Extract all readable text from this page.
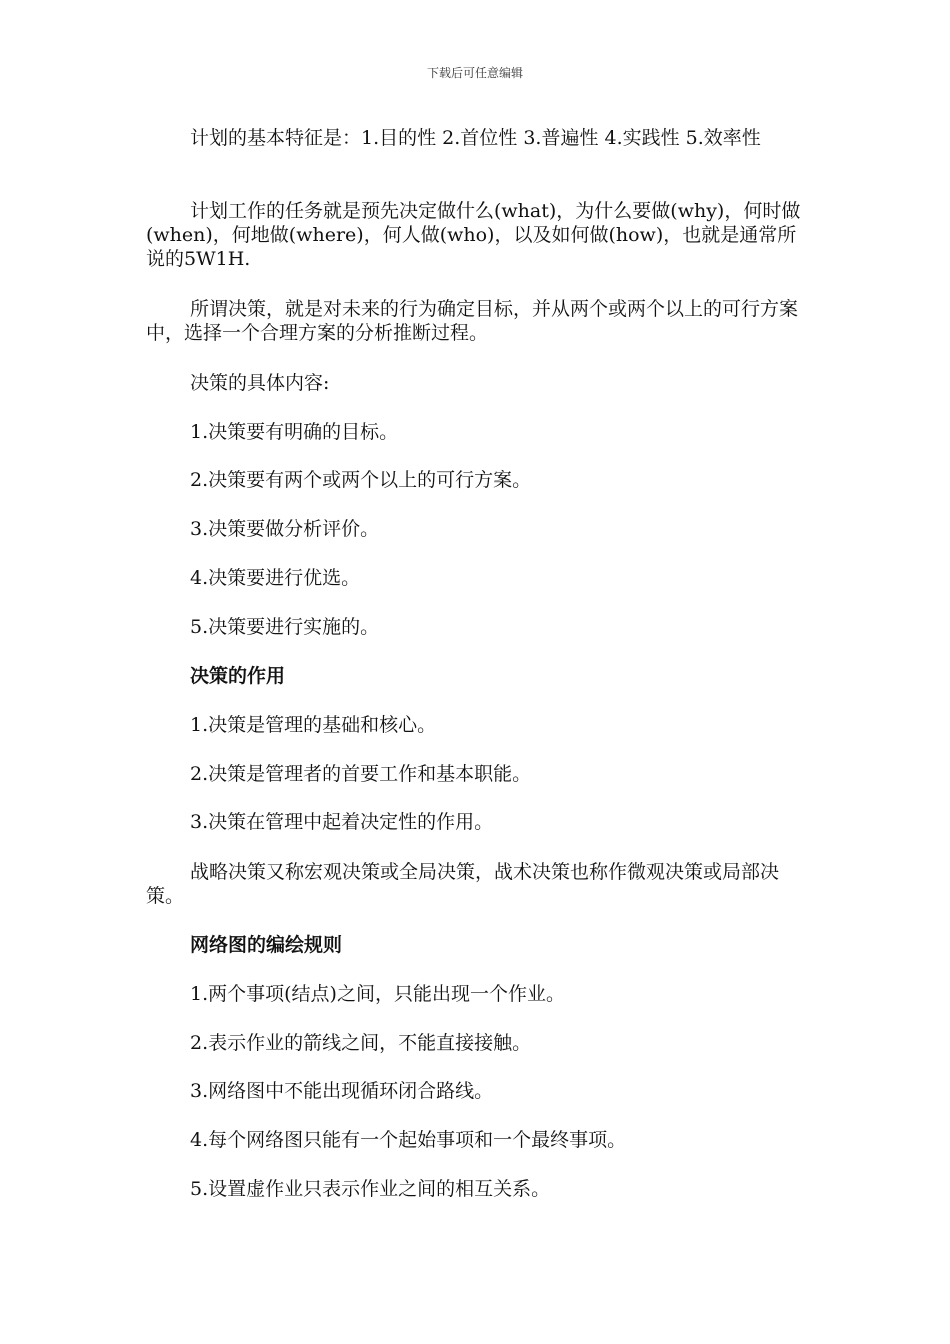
下载后可任意编辑

计划的基本特征是：1.目的性 2.首位性 3.普遍性 4.实践性 5.效率性

计划工作的任务就是预先决定做什么(what)，为什么要做(why)，何时做(when)，何地做(where)，何人做(who)，以及如何做(how)，也就是通常所说的5W1H.

所谓决策，就是对未来的行为确定目标，并从两个或两个以上的可行方案中，选择一个合理方案的分析推断过程。

决策的具体内容:

1.决策要有明确的目标。

2.决策要有两个或两个以上的可行方案。

3.决策要做分析评价。

4.决策要进行优选。

5.决策要进行实施的。

决策的作用

1.决策是管理的基础和核心。

2.决策是管理者的首要工作和基本职能。

3.决策在管理中起着决定性的作用。

战略决策又称宏观决策或全局决策，战术决策也称作微观决策或局部决策。

网络图的编绘规则

1.两个事项(结点)之间，只能出现一个作业。

2.表示作业的箭线之间，不能直接接触。

3.网络图中不能出现循环闭合路线。

4.每个网络图只能有一个起始事项和一个最终事项。

5.设置虚作业只表示作业之间的相互关系。
